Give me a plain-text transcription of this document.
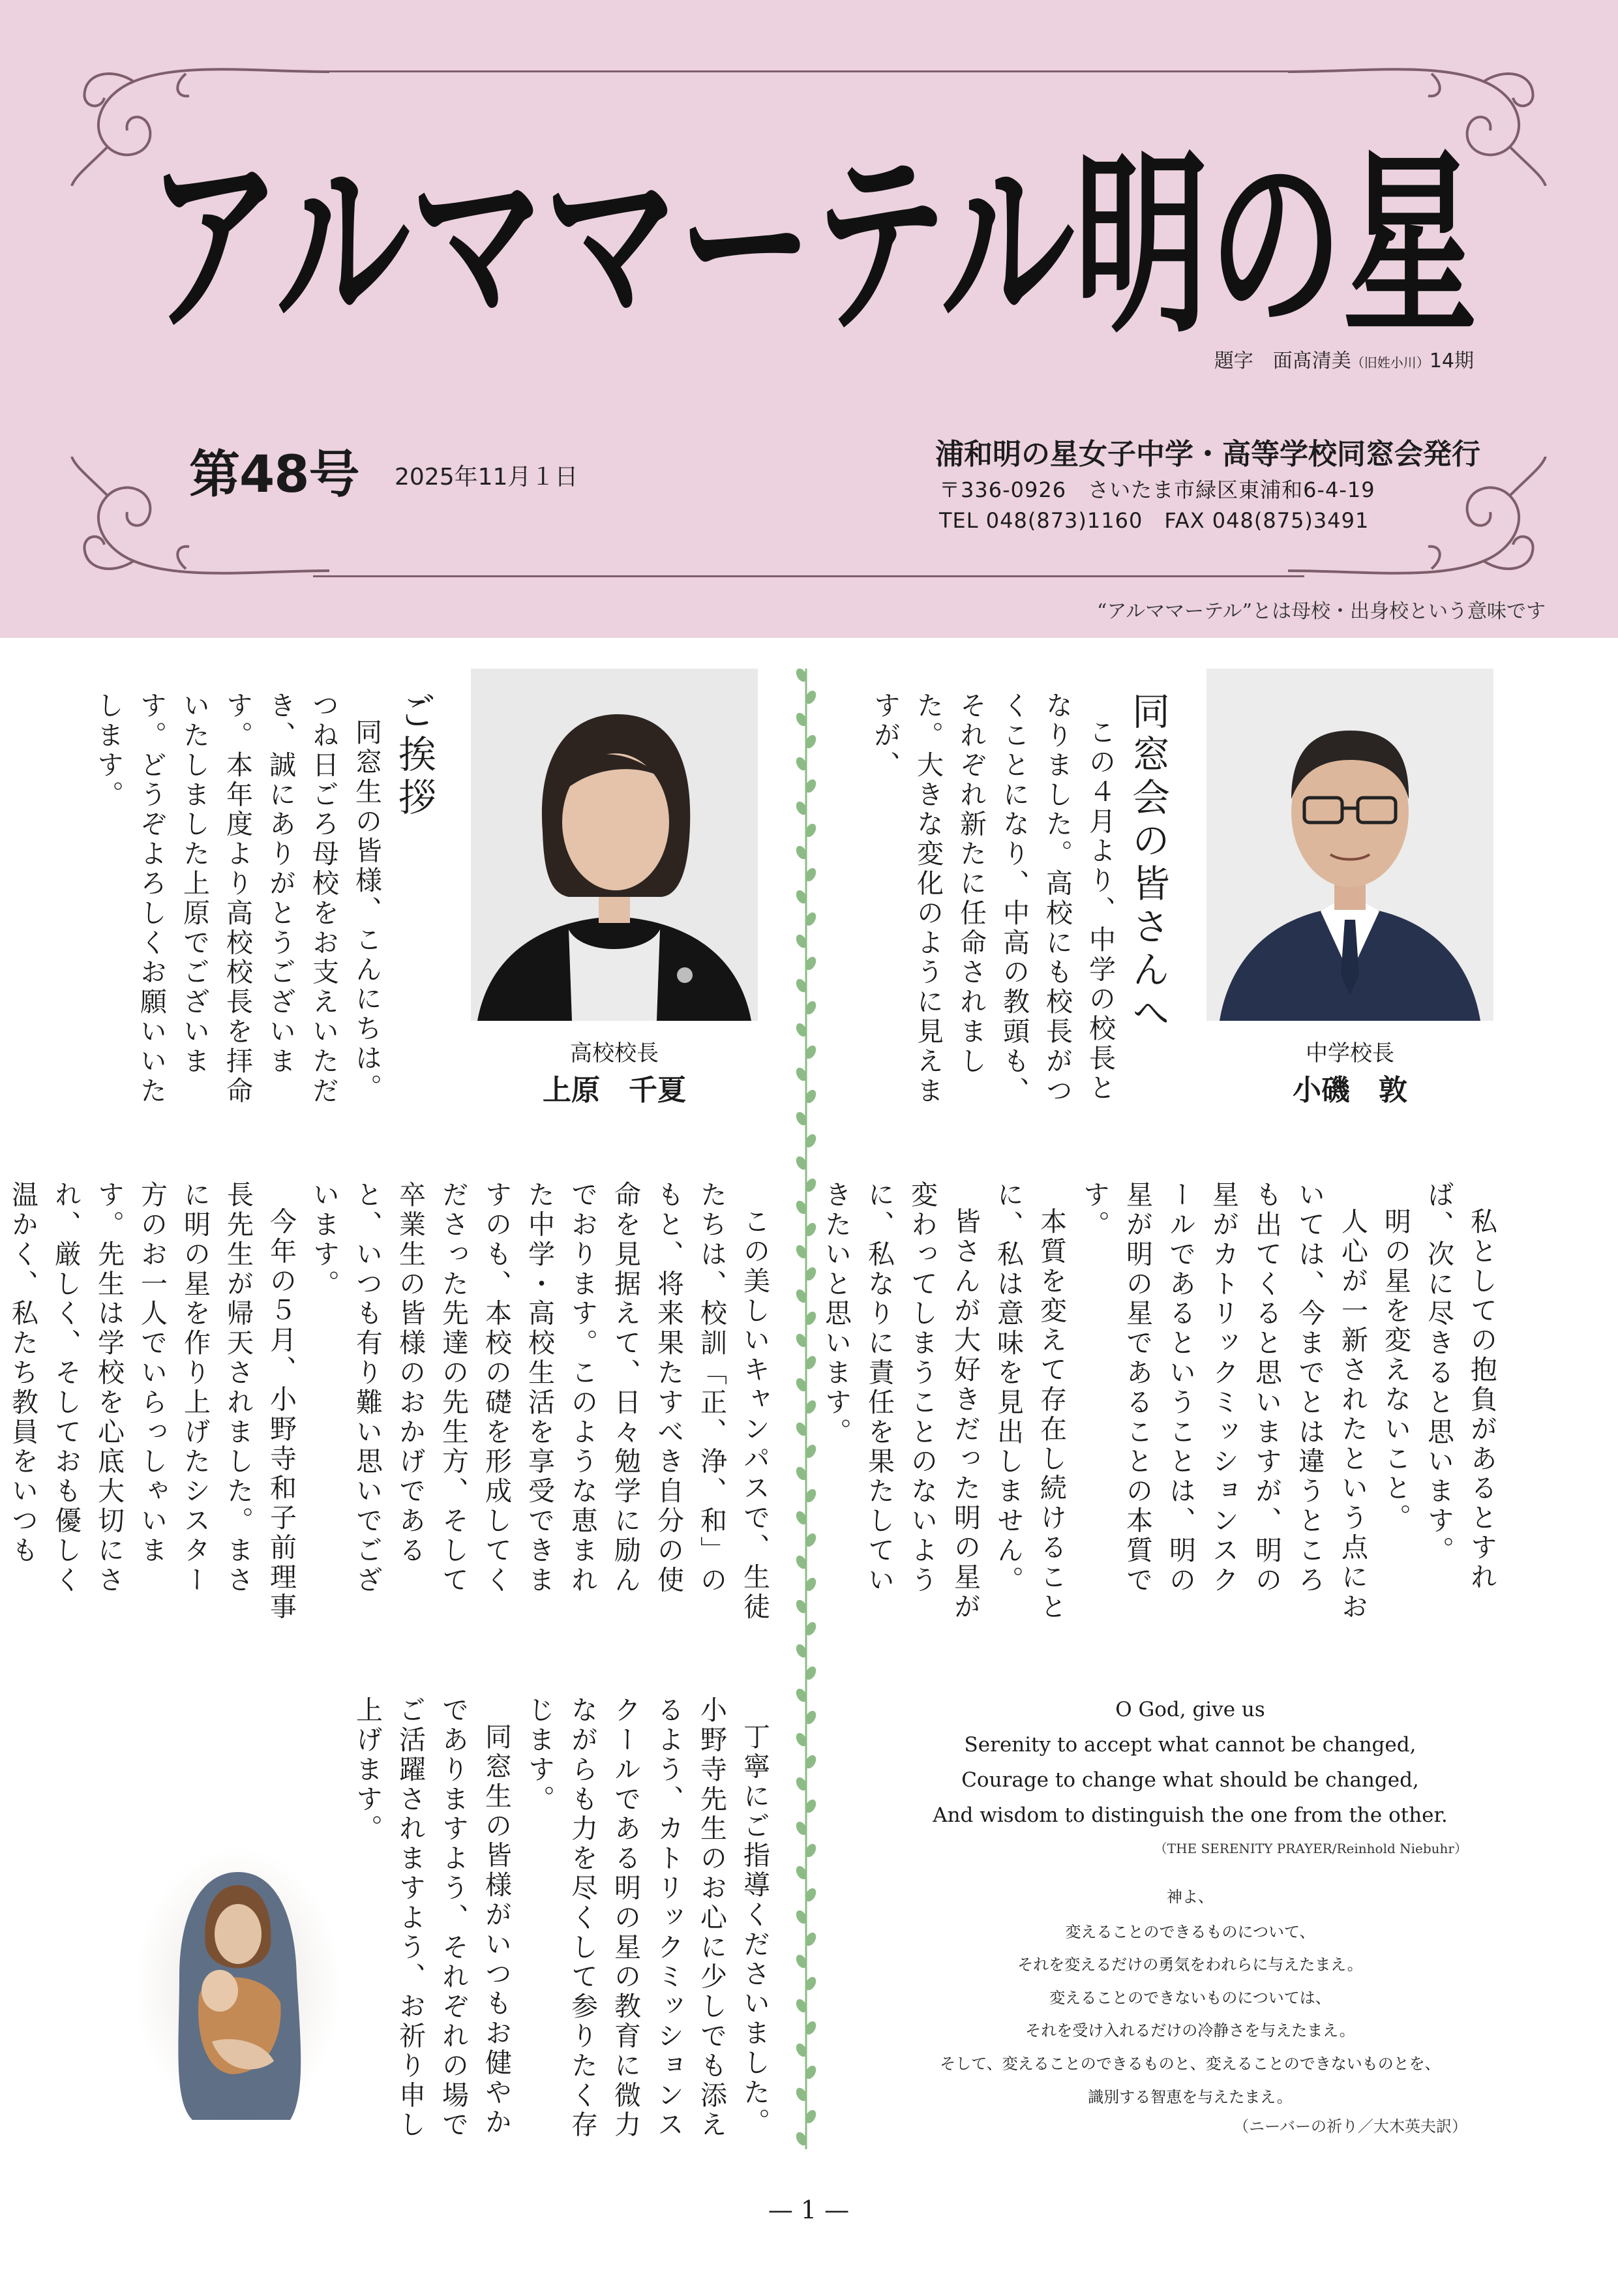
アルママーテル明の星
題字　面髙清美（旧姓小川）14期
第48号 2025年11月１日
浦和明の星女子中学・高等学校同窓会発行
〒336-0926　さいたま市緑区東浦和6-4-19
TEL 048(873)1160　FAX 048(875)3491
“アルママーテル”とは母校・出身校という意味です
同窓会の皆さんへ
この４月より、中学の校長となりました。高校にも校長がつくことになり、中高の教頭も、それぞれ新たに任命されました。大きな変化のように見えますが、
中学校長
小磯　敦

私としての抱負があるとすれば、次に尽きると思います。

明の星を変えないこと。

人心が一新されたという点においては、今までとは違うところも出てくると思いますが、明の星がカトリックミッションスクールであるということは、明の星が明の星であることの本質です。

本質を変えて存在し続けることに、私は意味を見出しません。

皆さんが大好きだった明の星が変わってしまうことのないように、私なりに責任を果たしていきたいと思います。

O God, give us
Serenity to accept what cannot be changed,
Courage to change what should be changed,
And wisdom to distinguish the one from the other.
（THE SERENITY PRAYER/Reinhold Niebuhr）
神よ、
変えることのできるものについて、
それを変えるだけの勇気をわれらに与えたまえ。
変えることのできないものについては、
それを受け入れるだけの冷静さを与えたまえ。
そして、変えることのできるものと、変えることのできないものとを、
識別する智恵を与えたまえ。
（ニーバーの祈り／大木英夫訳）
高校校長
上原　千夏
ご挨拶
同窓生の皆様、こんにちは。つね日ごろ母校をお支えいただき、誠にありがとうございます。本年度より高校校長を拝命いたしました上原でございます。どうぞよろしくお願いいたします。

この美しいキャンパスで、生徒たちは、校訓「正、浄、和」のもと、将来果たすべき自分の使命を見据えて、日々勉学に励んでおります。このような恵まれた中学・高校生活を享受できますのも、本校の礎を形成してくださった先達の先生方、そして卒業生の皆様のおかげであると、いつも有り難い思いでございます。

今年の５月、小野寺和子前理事長先生が帰天されました。まさに明の星を作り上げたシスター方のお一人でいらっしゃいます。先生は学校を心底大切にされ、厳しく、そしておも優しく温かく、私たち教員をいつも

丁寧にご指導くださいました。小野寺先生のお心に少しでも添えるよう、カトリックミッションスクールである明の星の教育に微力ながらも力を尽くして参りたく存じます。

同窓生の皆様がいつもお健やかでありますよう、それぞれの場でご活躍されますよう、お祈り申し上げます。

— 1 —
